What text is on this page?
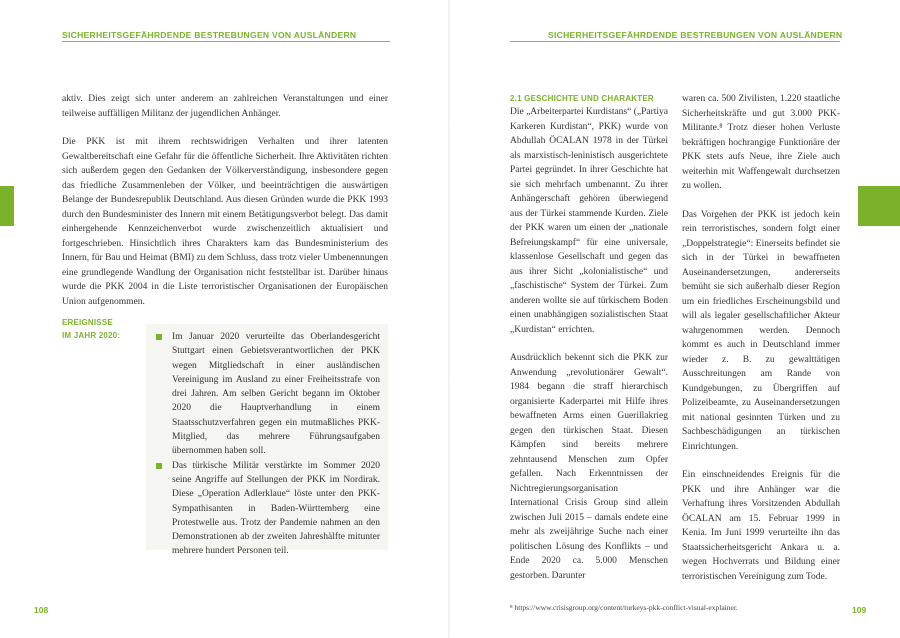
SICHERHEITSGEFÄHRDENDE BESTREBUNGEN VON AUSLÄNDERN

aktiv. Dies zeigt sich unter anderem an zahlreichen Veranstaltungen und einer teilweise auffälligen Militanz der jugendlichen Anhänger.

Die PKK ist mit ihrem rechtswidrigen Verhalten und ihrer latenten Gewaltbereitschaft eine Gefahr für die öffentliche Sicherheit. Ihre Aktivitäten richten sich außerdem gegen den Gedanken der Völkerverständigung, insbesondere gegen das friedliche Zusammenleben der Völker, und beeinträchtigen die auswärtigen Belange der Bundesrepublik Deutschland. Aus diesen Gründen wurde die PKK 1993 durch den Bundesminister des Innern mit einem Betätigungsverbot belegt. Das damit einhergehende Kennzeichenverbot wurde zwischenzeitlich aktualisiert und fortgeschrieben. Hinsichtlich ihres Charakters kam das Bundesministerium des Innern, für Bau und Heimat (BMI) zu dem Schluss, dass trotz vieler Umbenennungen eine grundlegende Wandlung der Organisation nicht feststellbar ist. Darüber hinaus wurde die PKK 2004 in die Liste terroristischer Organisationen der Europäischen Union aufgenommen.

EREIGNISSE
IM JAHR 2020:	Im Januar 2020 verurteilte das Oberlandesgericht Stuttgart einen Gebietsverantwortlichen der PKK wegen Mitgliedschaft in einer ausländischen Vereinigung im Ausland zu einer Freiheitsstrafe von drei Jahren. Am selben Gericht begann im Oktober 2020 die Hauptverhandlung in einem Staatsschutzverfahren gegen ein mutmaßliches PKK-Mitglied, das mehrere Führungsaufgaben übernommen haben soll.
Das türkische Militär verstärkte im Sommer 2020 seine Angriffe auf Stellungen der PKK im Nordirak. Diese „Operation Adlerklaue“ löste unter den PKK-Sympathisanten in Baden-Württemberg eine Protestwelle aus. Trotz der Pandemie nahmen an den Demonstrationen ab der zweiten Jahreshälfte mitunter mehrere hundert Personen teil.
108
SICHERHEITSGEFÄHRDENDE BESTREBUNGEN VON AUSLÄNDERN
109
2.1 GESCHICHTE UND CHARAKTER

Die „Arbeiterpartei Kurdistans“ („Partiya Karkeren Kurdistan“, PKK) wurde von Abdullah ÖCALAN 1978 in der Türkei als marxistisch-leninistisch ausgerichtete Partei gegründet. In ihrer Geschichte hat sie sich mehrfach umbenannt. Zu ihrer Anhängerschaft gehören überwiegend aus der Türkei stammende Kurden. Ziele der PKK waren um einen der „nationale Befreiungskampf“ für eine universale, klassenlose Gesellschaft und gegen das aus ihrer Sicht „kolonialistische“ und „faschistische“ System der Türkei. Zum anderen wollte sie auf türkischem Boden einen unabhängigen sozialistischen Staat „Kurdistan“ errichten.

Ausdrücklich bekennt sich die PKK zur Anwendung „revolutionärer Gewalt“. 1984 begann die straff hierarchisch organisierte Kaderpartei mit Hilfe ihres bewaffneten Arms einen Guerillakrieg gegen den türkischen Staat. Diesen Kämpfen sind bereits mehrere zehntausend Menschen zum Opfer gefallen. Nach Erkenntnissen der Nichtregierungsorganisation International Crisis Group sind allein zwischen Juli 2015 – damals endete eine mehr als zweijährige Suche nach einer politischen Lösung des Konflikts – und Ende 2020 ca. 5.000 Menschen gestorben. Darunter

waren ca. 500 Zivilisten, 1.220 staatliche Sicherheitskräfte und gut 3.000 PKK-Militante.⁸ Trotz dieser hohen Verluste bekräftigen hochrangige Funktionäre der PKK stets aufs Neue, ihre Ziele auch weiterhin mit Waffengewalt durchsetzen zu wollen.

Das Vorgehen der PKK ist jedoch kein rein terroristisches, sondern folgt einer „Doppelstrategie“: Einerseits befindet sie sich in der Türkei in bewaffneten Auseinandersetzungen, andererseits bemüht sie sich außerhalb dieser Region um ein friedliches Erscheinungsbild und will als legaler gesellschaftlicher Akteur wahrgenommen werden. Dennoch kommt es auch in Deutschland immer wieder z. B. zu gewalttätigen Ausschreitungen am Rande von Kundgebungen, zu Übergriffen auf Polizeibeamte, zu Auseinandersetzungen mit national gesinnten Türken und zu Sachbeschädigungen an türkischen Einrichtungen.

Ein einschneidendes Ereignis für die PKK und ihre Anhänger war die Verhaftung ihres Vorsitzenden Abdullah ÖCALAN am 15. Februar 1999 in Kenia. Im Juni 1999 verurteilte ihn das Staatssicherheitsgericht Ankara u. a. wegen Hochverrats und Bildung einer terroristischen Vereinigung zum Tode.

⁸ https://www.crisisgroup.org/content/turkeys-pkk-conflict-visual-explainer.
